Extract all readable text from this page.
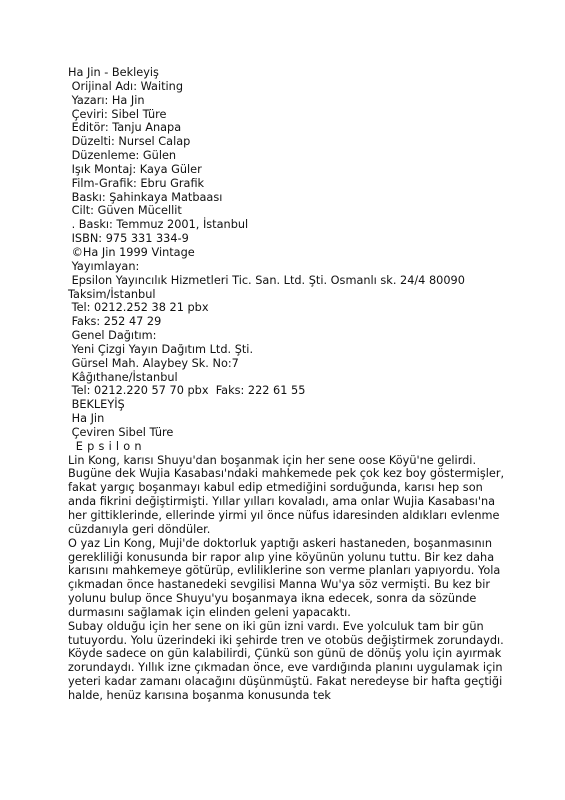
Ha Jin - Bekleyiş
Orijinal Adı: Waiting
Yazarı: Ha Jin
Çeviri: Sibel Türe
Editör: Tanju Anapa
Düzelti: Nursel Calap
Düzenleme: Gülen
Işık Montaj: Kaya Güler
Film-Grafik: Ebru Grafik
Baskı: Şahinkaya Matbaası
Cilt: Güven Mücellit
. Baskı: Temmuz 2001, İstanbul
ISBN: 975 331 334-9
©Ha Jin 1999 Vintage
Yayımlayan:
Epsilon Yayıncılık Hizmetleri Tic. San. Ltd. Şti. Osmanlı sk. 24/4 80090
Taksim/İstanbul
Tel: 0212.252 38 21 pbx
Faks: 252 47 29
Genel Dağıtım:
Yeni Çizgi Yayın Dağıtım Ltd. Şti.
Gürsel Mah. Alaybey Sk. No:7
Kâğıthane/İstanbul
Tel: 0212.220 57 70 pbx  Faks: 222 61 55
BEKLEYİŞ
Ha Jin
Çeviren Sibel Türe
Epsilon
Lin Kong, karısı Shuyu'dan boşanmak için her sene oose Köyü'ne gelirdi. Bugüne dek Wujia Kasabası'ndaki mahkemede pek çok kez boy göstermişler, fakat yargıç boşanmayı kabul edip etmediğini sorduğunda, karısı hep son anda fikrini değiştirmişti. Yıllar yılları kovaladı, ama onlar Wujia Kasabası'na her gittiklerinde, ellerinde yirmi yıl önce nüfus idaresinden aldıkları evlenme cüzdanıyla geri döndüler.
O yaz Lin Kong, Muji'de doktorluk yaptığı askeri hastaneden, boşanmasının gerekliliği konusunda bir rapor alıp yine köyünün yolunu tuttu. Bir kez daha karısını mahkemeye götürüp, evliliklerine son verme planları yapıyordu. Yola çıkmadan önce hastanedeki sevgilisi Manna Wu'ya söz vermişti. Bu kez bir yolunu bulup önce Shuyu'yu boşanmaya ikna edecek, sonra da sözünde durmasını sağlamak için elinden geleni yapacaktı.
Subay olduğu için her sene on iki gün izni vardı. Eve yolculuk tam bir gün tutuyordu. Yolu üzerindeki iki şehirde tren ve otobüs değiştirmek zorundaydı. Köyde sadece on gün kalabilirdi, Çünkü son günü de dönüş yolu için ayırmak zorundaydı. Yıllık izne çıkmadan önce, eve vardığında planını uygulamak için yeteri kadar zamanı olacağını düşünmüştü. Fakat neredeyse bir hafta geçtiği halde, henüz karısına boşanma konusunda tek
